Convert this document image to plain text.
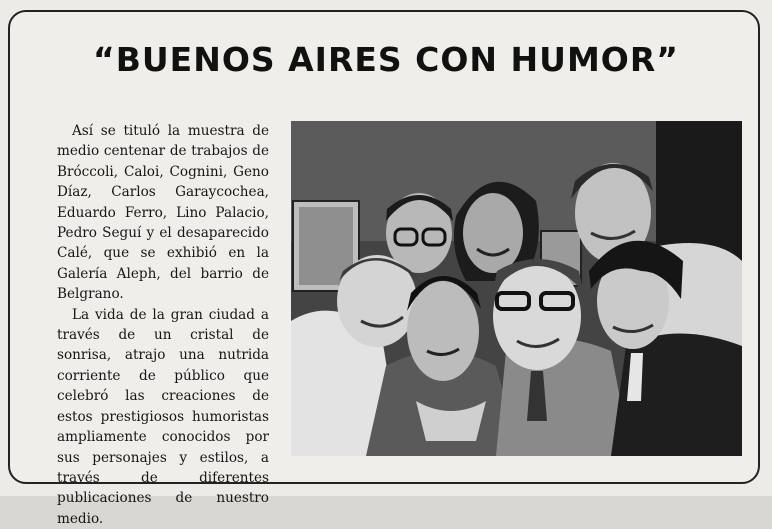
“BUENOS AIRES CON HUMOR”

Así se tituló la muestra de medio centenar de trabajos de Bróccoli, Caloi, Cognini, Geno Díaz, Carlos Garaycochea, Eduardo Ferro, Lino Palacio, Pedro Seguí y el desaparecido Calé, que se exhibió en la Galería Aleph, del barrio de Belgrano.

La vida de la gran ciudad a través de un cristal de sonrisa, atrajo una nutrida corriente de público que celebró las creaciones de estos prestigiosos humoristas ampliamente conocidos por sus personajes y estilos, a través de diferentes publicaciones de nuestro medio.
